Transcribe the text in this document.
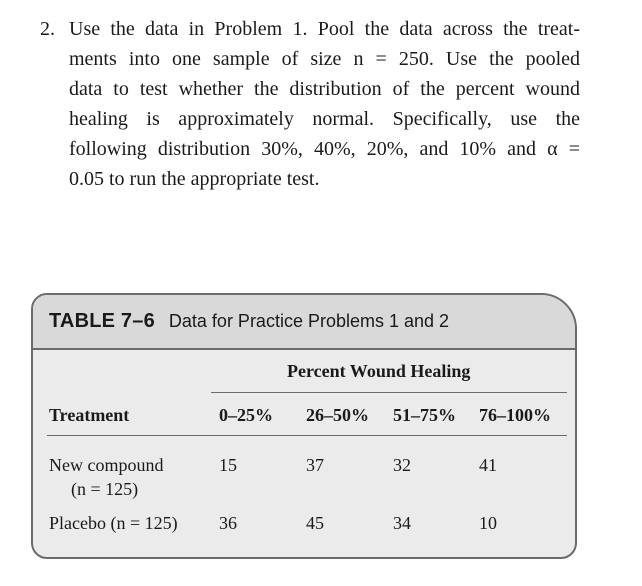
2. Use the data in Problem 1. Pool the data across the treat-
ments into one sample of size n = 250. Use the pooled
data to test whether the distribution of the percent wound
healing is approximately normal. Specifically, use the
following distribution 30%, 40%, 20%, and 10% and α =
0.05 to run the appropriate test.
TABLE 7–6 Data for Practice Problems 1 and 2
Percent Wound Healing
Treatment	0–25% 26–50% 51–75% 76–100%
New compound
(n = 125)
15	37	32	41
Placebo (n = 125) 36	45	34	10
